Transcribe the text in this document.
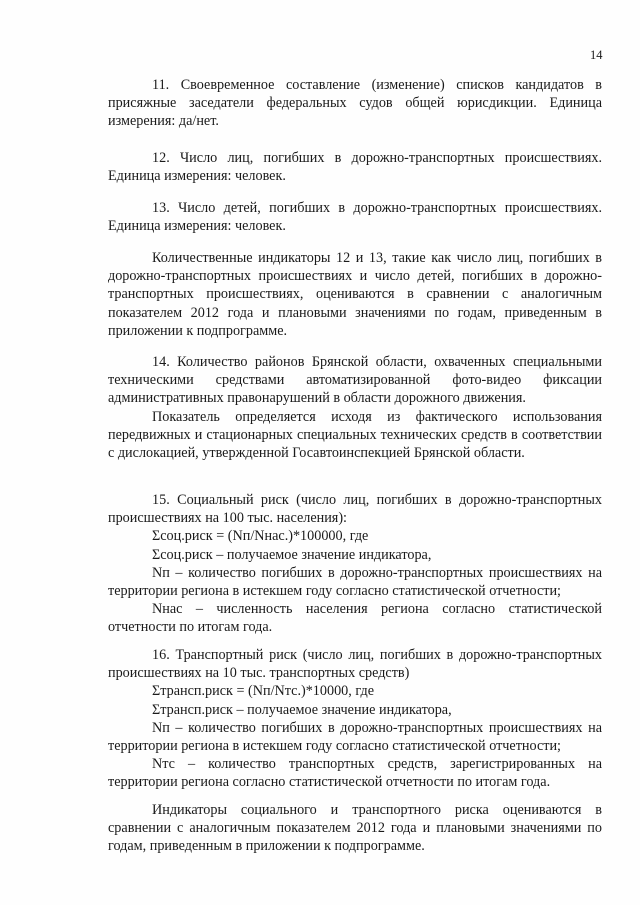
14

11. Своевременное составление (изменение) списков кандидатов в присяжные заседатели федеральных судов общей юрисдикции. Единица измерения: да/нет.

12. Число лиц, погибших в дорожно-транспортных происшествиях. Единица измерения: человек.

13. Число детей, погибших в дорожно-транспортных происшествиях. Единица измерения: человек.

Количественные индикаторы 12 и 13, такие как число лиц, погибших в дорожно-транспортных происшествиях и число детей, погибших в дорожно-транспортных происшествиях, оцениваются в сравнении с аналогичным показателем 2012 года и плановыми значениями по годам, приведенным в приложении к подпрограмме.

14. Количество районов Брянской области, охваченных специальными техническими средствами автоматизированной фото-видео фиксации административных правонарушений в области дорожного движения.

Показатель определяется исходя из фактического использования передвижных и стационарных специальных технических средств в соответствии с дислокацией, утвержденной Госавтоинспекцией Брянской области.

15. Социальный риск (число лиц, погибших в дорожно-транспортных происшествиях на 100 тыс. населения):

Σсоц.риск = (Nп/Nнас.)*100000, где

Σсоц.риск – получаемое значение индикатора,

Nп – количество погибших в дорожно-транспортных происшествиях на территории региона в истекшем году согласно статистической отчетности;

Nнас – численность населения региона согласно статистической отчетности по итогам года.

16. Транспортный риск (число лиц, погибших в дорожно-транспортных происшествиях на 10 тыс. транспортных средств)

Σтрансп.риск = (Nп/Nтс.)*10000, где

Σтрансп.риск – получаемое значение индикатора,

Nп – количество погибших в дорожно-транспортных происшествиях на территории региона в истекшем году согласно статистической отчетности;

Nтс – количество транспортных средств, зарегистрированных на территории региона согласно статистической отчетности по итогам года.

Индикаторы социального и транспортного риска оцениваются в сравнении с аналогичным показателем 2012 года и плановыми значениями по годам, приведенным в приложении к подпрограмме.
